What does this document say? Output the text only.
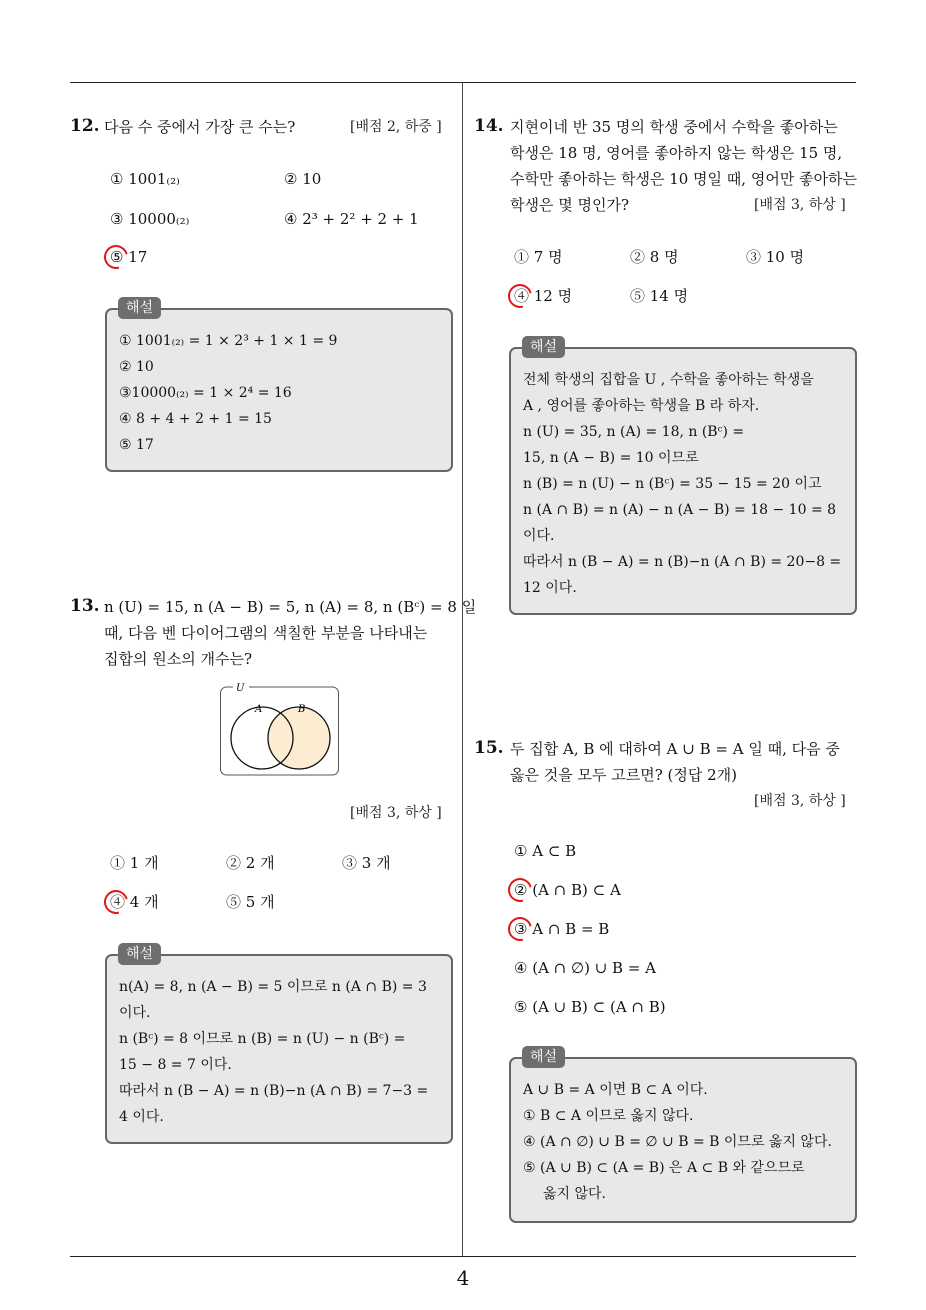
12. 다음 수 중에서 가장 큰 수는?	[배점 2, 하중 ]
① 1001₍₂₎	② 10
③ 10000₍₂₎	④ 2³ + 2² + 2 + 1
⑤ 17
① 1001₍₂₎ = 1 × 2³ + 1 × 1 = 9
② 10
③10000₍₂₎ = 1 × 2⁴ = 16
④ 8 + 4 + 2 + 1 = 15
⑤ 17
해설
13. n (U) = 15, n (A − B) = 5, n (A) = 8, n (Bᶜ) = 8 일
때, 다음 벤 다이어그램의 색칠한 부분을 나타내는
집합의 원소의 개수는?
U
A	B
[배점 3, 하상 ]
① 1 개	② 2 개	③ 3 개
④ 4 개	⑤ 5 개
n(A) = 8, n (A − B) = 5 이므로 n (A ∩ B) = 3
이다.
n (Bᶜ) = 8 이므로 n (B) = n (U) − n (Bᶜ) =
15 − 8 = 7 이다.
따라서 n (B − A) = n (B)−n (A ∩ B) = 7−3 =
4 이다.
해설
14. 지현이네 반 35 명의 학생 중에서 수학을 좋아하는
학생은 18 명, 영어를 좋아하지 않는 학생은 15 명,
수학만 좋아하는 학생은 10 명일 때, 영어만 좋아하는
학생은 몇 명인가?	[배점 3, 하상 ]
① 7 명	② 8 명	③ 10 명
④ 12 명	⑤ 14 명
전체 학생의 집합을 U , 수학을 좋아하는 학생을
A , 영어를 좋아하는 학생을 B 라 하자.
n (U) = 35, n (A) = 18, n (Bᶜ) =
15, n (A − B) = 10 이므로
n (B) = n (U) − n (Bᶜ) = 35 − 15 = 20 이고
n (A ∩ B) = n (A) − n (A − B) = 18 − 10 = 8
이다.
따라서 n (B − A) = n (B)−n (A ∩ B) = 20−8 =
12 이다.
해설
15. 두 집합 A, B 에 대하여 A ∪ B = A 일 때, 다음 중
옳은 것을 모두 고르면? (정답 2개)
[배점 3, 하상 ]
① A ⊂ B
② (A ∩ B) ⊂ A
③ A ∩ B = B
④ (A ∩ ∅) ∪ B = A
⑤ (A ∪ B) ⊂ (A ∩ B)
A ∪ B = A 이면 B ⊂ A 이다.
① B ⊂ A 이므로 옳지 않다.
④ (A ∩ ∅) ∪ B = ∅ ∪ B = B 이므로 옳지 않다.
⑤ (A ∪ B) ⊂ (A = B) 은 A ⊂ B 와 같으므로
옳지 않다.
해설
4
